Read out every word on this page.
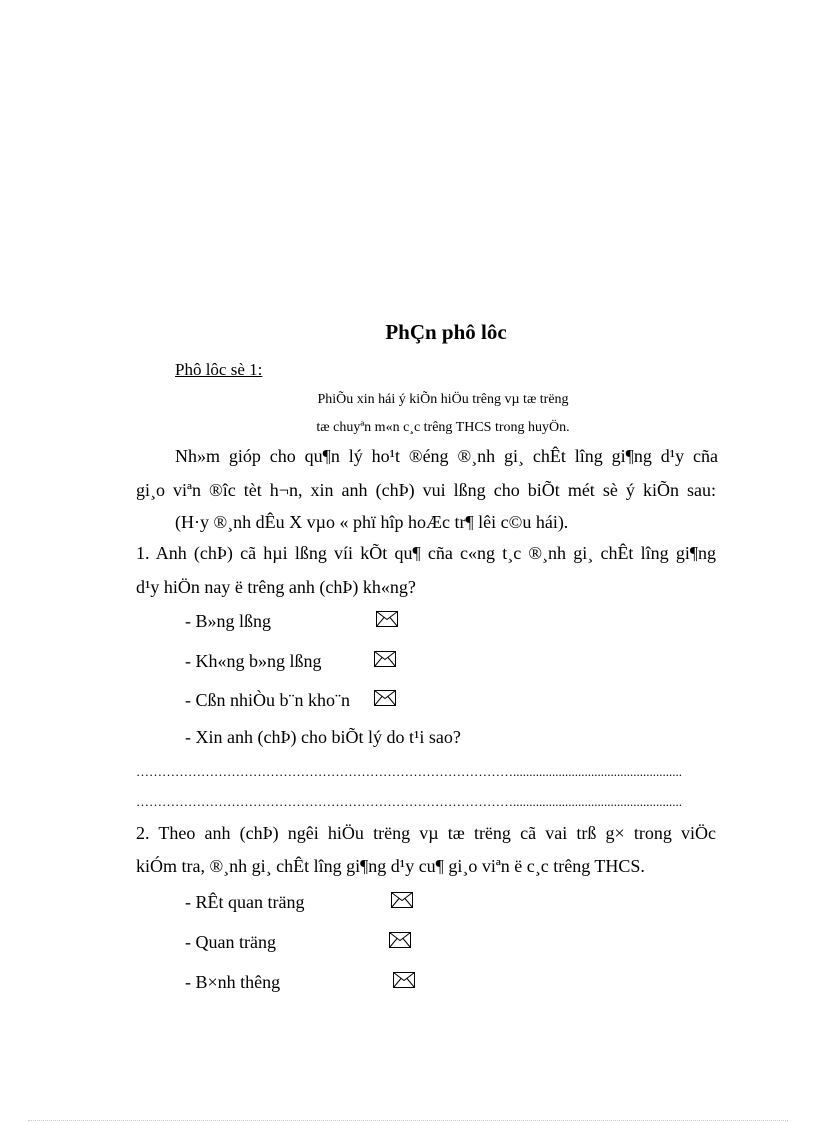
PhÇn phô lôc
Phô lôc sè 1:
PhiÕu xin hái ý kiÕn hiÖu trêng vµ tæ trëng
tæ chuyªn m«n c¸c trêng THCS trong huyÖn.
Nh»m gióp cho qu¶n lý ho¹t ®éng ®¸nh gi¸ chÊt lîng gi¶ng d¹y cña
gi¸o viªn ®îc tèt h¬n, xin anh (chÞ) vui lßng cho biÕt mét sè ý kiÕn sau:
(H·y ®¸nh dÊu X vµo « phï hîp hoÆc tr¶ lêi c©u hái).
1. Anh (chÞ) cã hµi lßng víi kÕt qu¶ cña c«ng t¸c ®¸nh gi¸ chÊt lîng gi¶ng
d¹y hiÖn nay ë trêng anh (chÞ) kh«ng?
- B»ng lßng
- Kh«ng b»ng lßng
- Cßn nhiÒu b¨n kho¨n
- Xin anh (chÞ) cho biÕt lý do t¹i sao?
……………………………………………………………………………....................................................
……………………………………………………………………………....................................................
2. Theo anh (chÞ) ngêi hiÖu trëng vµ tæ trëng cã vai trß g× trong viÖc
kiÓm tra, ®¸nh gi¸ chÊt lîng gi¶ng d¹y cu¶ gi¸o viªn ë c¸c trêng THCS.
- RÊt quan träng
- Quan träng
- B×nh thêng
